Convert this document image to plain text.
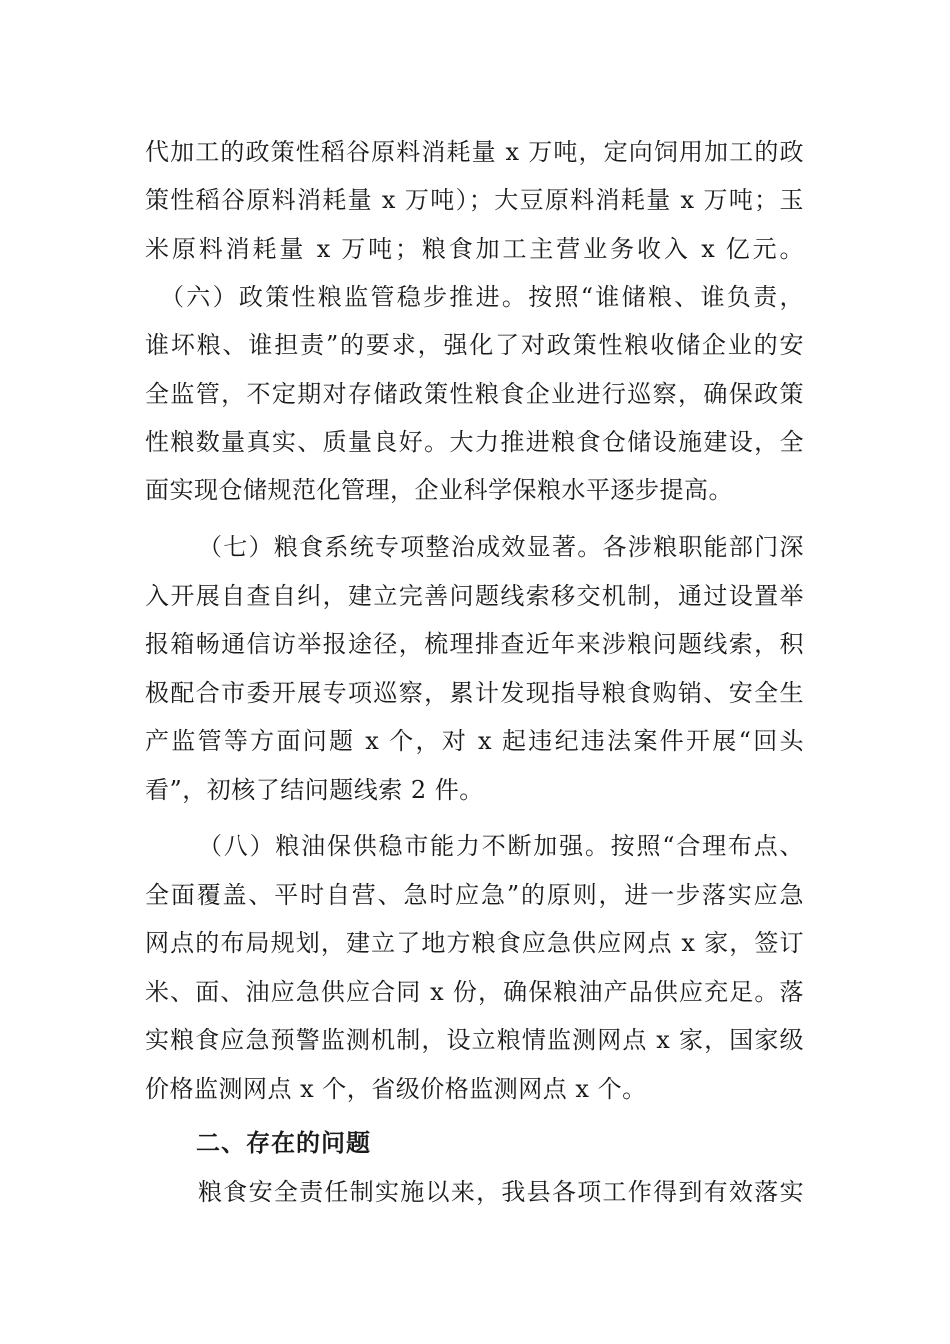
代加工的政策性稻谷原料消耗量 x 万吨，定向饲用加工的政
策性稻谷原料消耗量 x 万吨）；大豆原料消耗量 x 万吨；玉
米原料消耗量 x 万吨；粮食加工主营业务收入 x 亿元。
（六）政策性粮监管稳步推进。按照“谁储粮、谁负责，
谁坏粮、谁担责”的要求，强化了对政策性粮收储企业的安
全监管，不定期对存储政策性粮食企业进行巡察，确保政策
性粮数量真实、质量良好。大力推进粮食仓储设施建设，全
面实现仓储规范化管理，企业科学保粮水平逐步提高。
（七）粮食系统专项整治成效显著。各涉粮职能部门深
入开展自查自纠，建立完善问题线索移交机制，通过设置举
报箱畅通信访举报途径，梳理排查近年来涉粮问题线索，积
极配合市委开展专项巡察，累计发现指导粮食购销、安全生
产监管等方面问题 x 个，对 x 起违纪违法案件开展“回头
看”，初核了结问题线索 2 件。
（八）粮油保供稳市能力不断加强。按照“合理布点、
全面覆盖、平时自营、急时应急”的原则，进一步落实应急
网点的布局规划，建立了地方粮食应急供应网点 x 家，签订
米、面、油应急供应合同 x 份，确保粮油产品供应充足。落
实粮食应急预警监测机制，设立粮情监测网点 x 家，国家级
价格监测网点 x 个，省级价格监测网点 x 个。
二、存在的问题
粮食安全责任制实施以来，我县各项工作得到有效落实
